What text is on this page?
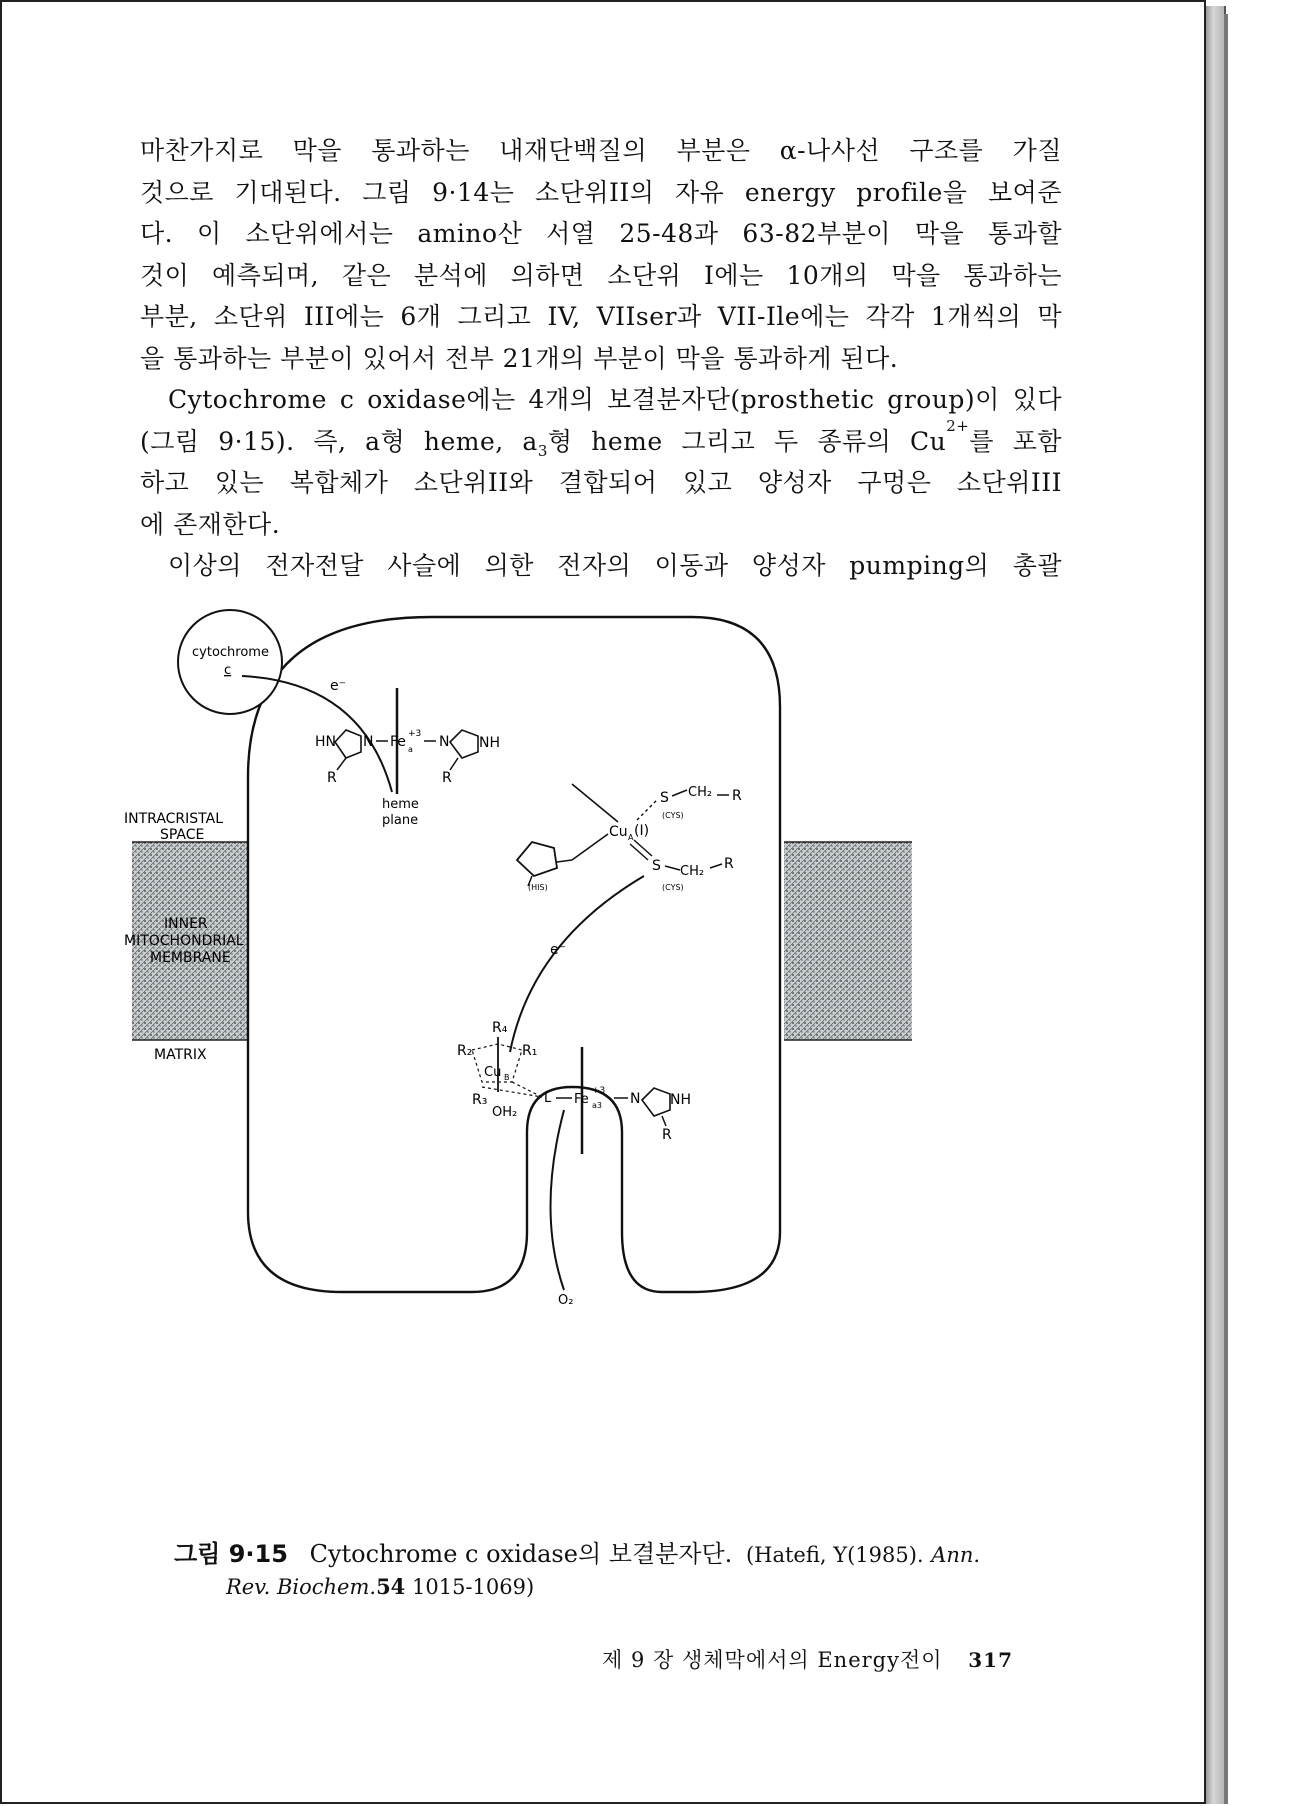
마찬가지로 막을 통과하는 내재단백질의 부분은 α-나사선 구조를 가질
것으로 기대된다. 그림 9·14는 소단위II의 자유 energy profile을 보여준
다. 이 소단위에서는 amino산 서열 25-48과 63-82부분이 막을 통과할
것이 예측되며, 같은 분석에 의하면 소단위 I에는 10개의 막을 통과하는
부분, 소단위 III에는 6개 그리고 IV, VIIser과 VII-Ile에는 각각 1개씩의 막
을 통과하는 부분이 있어서 전부 21개의 부분이 막을 통과하게 된다.

Cytochrome c oxidase에는 4개의 보결분자단(prosthetic group)이 있다
(그림 9·15). 즉, a형 heme, $a_3$형 heme 그리고 두 종류의 $Cu^{2+}$를 포함
하고 있는 복합체가 소단위II와 결합되어 있고 양성자 구멍은 소단위III
에 존재한다.

이상의 전자전달 사슬에 의한 전자의 이동과 양성자 pumping의 총괄

INTRACRISTAL
SPACE
INNER
MITOCHONDRIAL
MEMBRANE
MATRIX
cytochrome
c
e⁻
HN N Fe +3
a N NH
R	R
heme
plane
Cu A (I)
S CH₂ R
(CYS)
S CH₂ R
(CYS)
(HIS)
e⁻
R₄
R₂	R₁
Cu B
R₃
OH₂
L Fe
+3
a3 N NH
R
O₂
그림 9·15 Cytochrome c oxidase의 보결분자단. (Hatefi, Y(1985). Ann.
Rev. Biochem.54 1015-1069)
제 9 장 생체막에서의 Energy전이 317
